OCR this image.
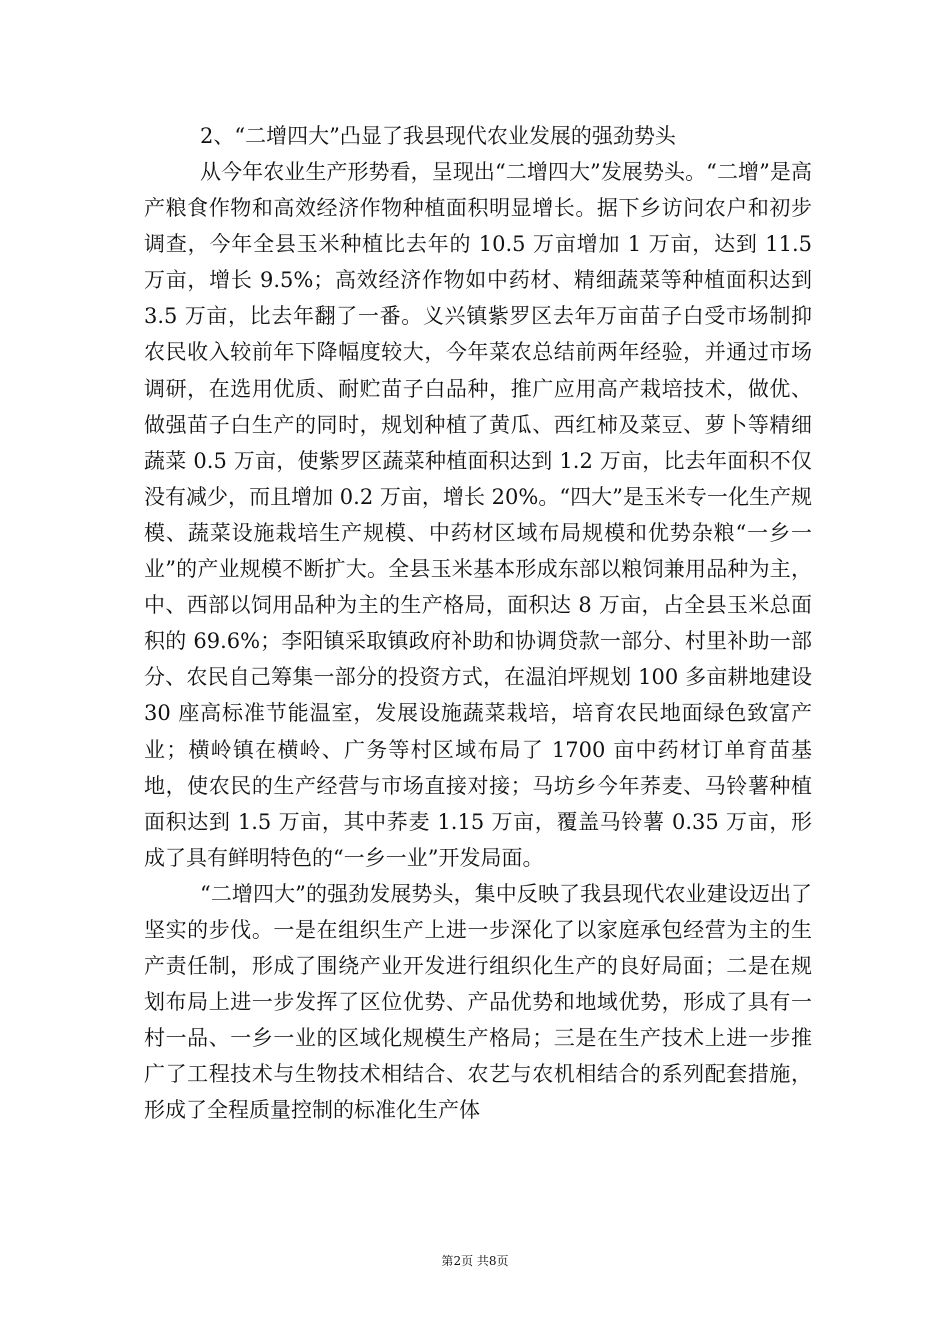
2、“二增四大”凸显了我县现代农业发展的强劲势头

从今年农业生产形势看，呈现出“二增四大”发展势头。“二增”是高产粮食作物和高效经济作物种植面积明显增长。据下乡访问农户和初步调查，今年全县玉米种植比去年的 10.5 万亩增加 1 万亩，达到 11.5 万亩，增长 9.5%；高效经济作物如中药材、精细蔬菜等种植面积达到 3.5 万亩，比去年翻了一番。义兴镇紫罗区去年万亩苗子白受市场制抑农民收入较前年下降幅度较大，今年菜农总结前两年经验，并通过市场调研，在选用优质、耐贮苗子白品种，推广应用高产栽培技术，做优、做强苗子白生产的同时，规划种植了黄瓜、西红柿及菜豆、萝卜等精细蔬菜 0.5 万亩，使紫罗区蔬菜种植面积达到 1.2 万亩，比去年面积不仅没有减少，而且增加 0.2 万亩，增长 20%。“四大”是玉米专一化生产规模、蔬菜设施栽培生产规模、中药材区域布局规模和优势杂粮“一乡一业”的产业规模不断扩大。全县玉米基本形成东部以粮饲兼用品种为主，中、西部以饲用品种为主的生产格局，面积达 8 万亩，占全县玉米总面积的 69.6%；李阳镇采取镇政府补助和协调贷款一部分、村里补助一部分、农民自己筹集一部分的投资方式，在温泊坪规划 100 多亩耕地建设 30 座高标准节能温室，发展设施蔬菜栽培，培育农民地面绿色致富产业；横岭镇在横岭、广务等村区域布局了 1700 亩中药材订单育苗基地，使农民的生产经营与市场直接对接；马坊乡今年荞麦、马铃薯种植面积达到 1.5 万亩，其中荞麦 1.15 万亩，覆盖马铃薯 0.35 万亩，形成了具有鲜明特色的“一乡一业”开发局面。

“二增四大”的强劲发展势头，集中反映了我县现代农业建设迈出了坚实的步伐。一是在组织生产上进一步深化了以家庭承包经营为主的生产责任制，形成了围绕产业开发进行组织化生产的良好局面；二是在规划布局上进一步发挥了区位优势、产品优势和地域优势，形成了具有一村一品、一乡一业的区域化规模生产格局；三是在生产技术上进一步推广了工程技术与生物技术相结合、农艺与农机相结合的系列配套措施，形成了全程质量控制的标准化生产体

第2页 共8页
